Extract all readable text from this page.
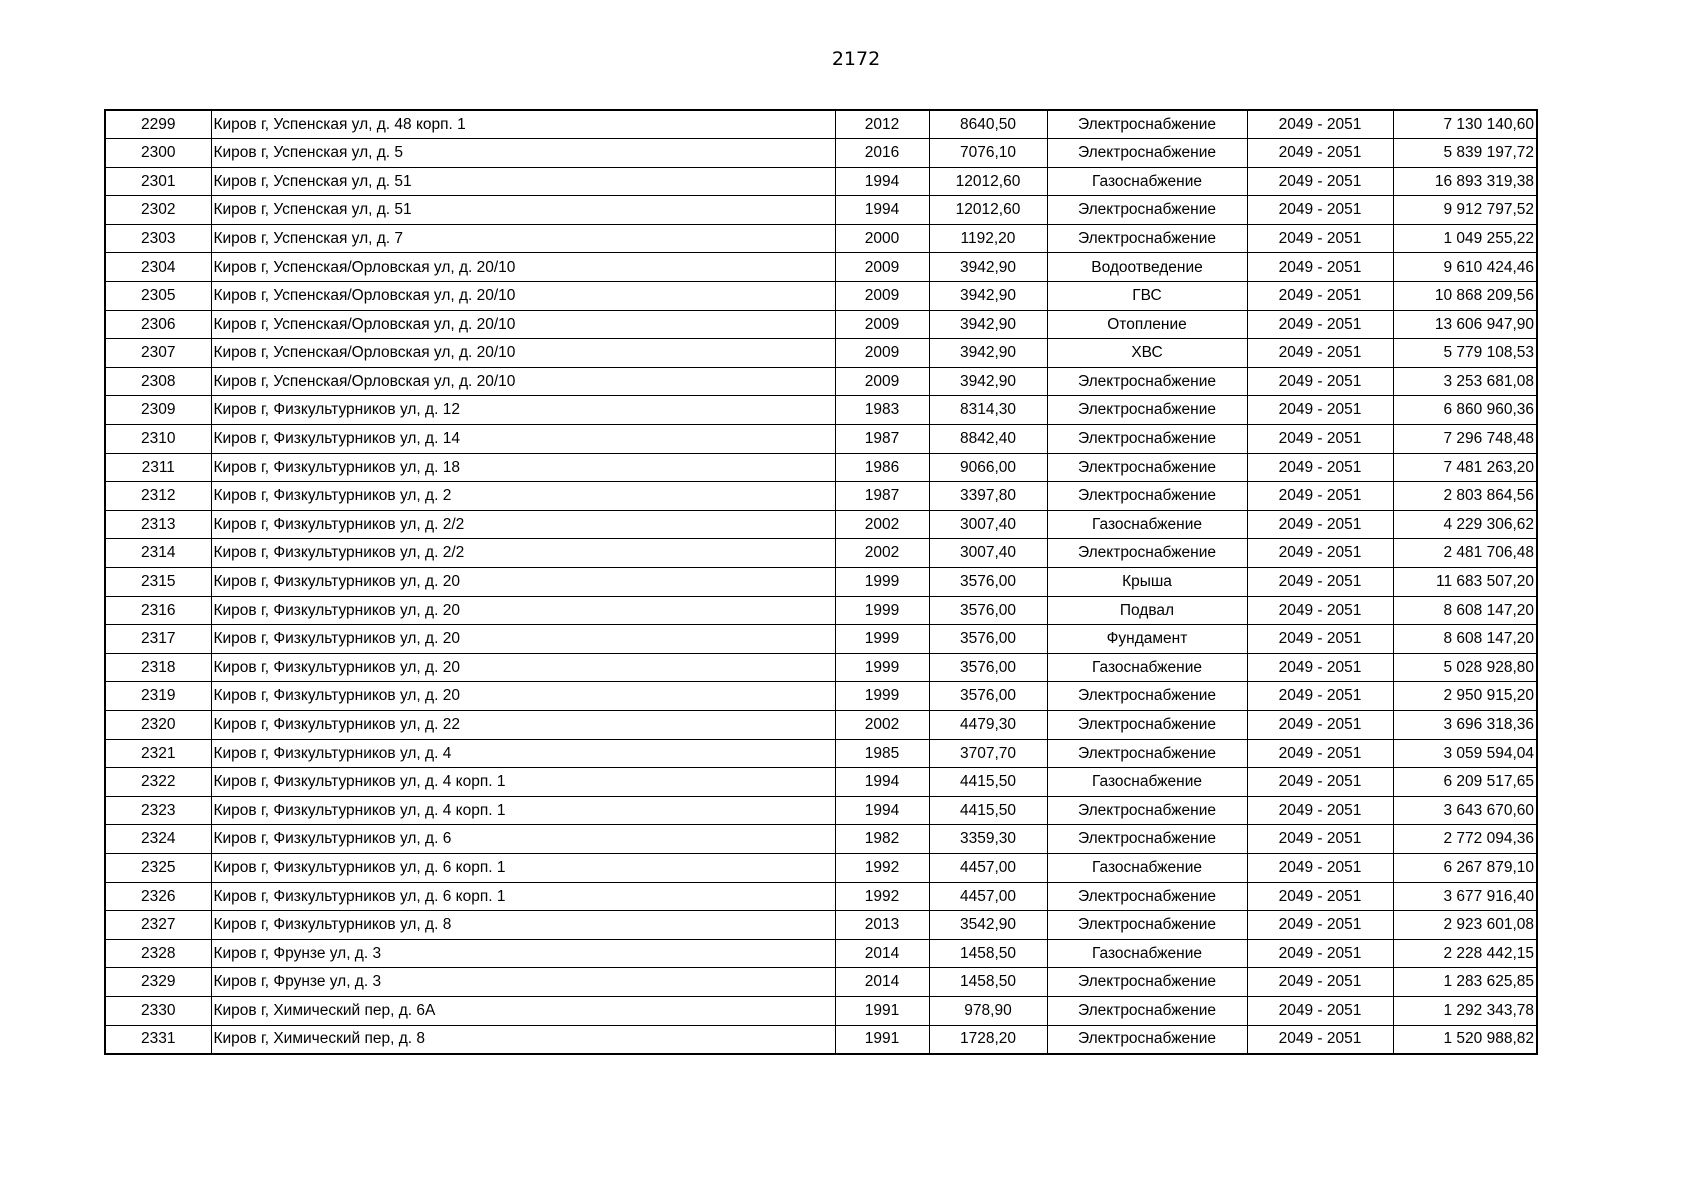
2172
2299	Киров г, Успенская ул, д. 48 корп. 1	2012	8640,50	Электроснабжение	2049 - 2051	7 130 140,60
2300	Киров г, Успенская ул, д. 5	2016	7076,10	Электроснабжение	2049 - 2051	5 839 197,72
2301	Киров г, Успенская ул, д. 51	1994	12012,60	Газоснабжение	2049 - 2051	16 893 319,38
2302	Киров г, Успенская ул, д. 51	1994	12012,60	Электроснабжение	2049 - 2051	9 912 797,52
2303	Киров г, Успенская ул, д. 7	2000	1192,20	Электроснабжение	2049 - 2051	1 049 255,22
2304	Киров г, Успенская/Орловская ул, д. 20/10	2009	3942,90	Водоотведение	2049 - 2051	9 610 424,46
2305	Киров г, Успенская/Орловская ул, д. 20/10	2009	3942,90	ГВС	2049 - 2051	10 868 209,56
2306	Киров г, Успенская/Орловская ул, д. 20/10	2009	3942,90	Отопление	2049 - 2051	13 606 947,90
2307	Киров г, Успенская/Орловская ул, д. 20/10	2009	3942,90	ХВС	2049 - 2051	5 779 108,53
2308	Киров г, Успенская/Орловская ул, д. 20/10	2009	3942,90	Электроснабжение	2049 - 2051	3 253 681,08
2309	Киров г, Физкультурников ул, д. 12	1983	8314,30	Электроснабжение	2049 - 2051	6 860 960,36
2310	Киров г, Физкультурников ул, д. 14	1987	8842,40	Электроснабжение	2049 - 2051	7 296 748,48
2311	Киров г, Физкультурников ул, д. 18	1986	9066,00	Электроснабжение	2049 - 2051	7 481 263,20
2312	Киров г, Физкультурников ул, д. 2	1987	3397,80	Электроснабжение	2049 - 2051	2 803 864,56
2313	Киров г, Физкультурников ул, д. 2/2	2002	3007,40	Газоснабжение	2049 - 2051	4 229 306,62
2314	Киров г, Физкультурников ул, д. 2/2	2002	3007,40	Электроснабжение	2049 - 2051	2 481 706,48
2315	Киров г, Физкультурников ул, д. 20	1999	3576,00	Крыша	2049 - 2051	11 683 507,20
2316	Киров г, Физкультурников ул, д. 20	1999	3576,00	Подвал	2049 - 2051	8 608 147,20
2317	Киров г, Физкультурников ул, д. 20	1999	3576,00	Фундамент	2049 - 2051	8 608 147,20
2318	Киров г, Физкультурников ул, д. 20	1999	3576,00	Газоснабжение	2049 - 2051	5 028 928,80
2319	Киров г, Физкультурников ул, д. 20	1999	3576,00	Электроснабжение	2049 - 2051	2 950 915,20
2320	Киров г, Физкультурников ул, д. 22	2002	4479,30	Электроснабжение	2049 - 2051	3 696 318,36
2321	Киров г, Физкультурников ул, д. 4	1985	3707,70	Электроснабжение	2049 - 2051	3 059 594,04
2322	Киров г, Физкультурников ул, д. 4 корп. 1	1994	4415,50	Газоснабжение	2049 - 2051	6 209 517,65
2323	Киров г, Физкультурников ул, д. 4 корп. 1	1994	4415,50	Электроснабжение	2049 - 2051	3 643 670,60
2324	Киров г, Физкультурников ул, д. 6	1982	3359,30	Электроснабжение	2049 - 2051	2 772 094,36
2325	Киров г, Физкультурников ул, д. 6 корп. 1	1992	4457,00	Газоснабжение	2049 - 2051	6 267 879,10
2326	Киров г, Физкультурников ул, д. 6 корп. 1	1992	4457,00	Электроснабжение	2049 - 2051	3 677 916,40
2327	Киров г, Физкультурников ул, д. 8	2013	3542,90	Электроснабжение	2049 - 2051	2 923 601,08
2328	Киров г, Фрунзе ул, д. 3	2014	1458,50	Газоснабжение	2049 - 2051	2 228 442,15
2329	Киров г, Фрунзе ул, д. 3	2014	1458,50	Электроснабжение	2049 - 2051	1 283 625,85
2330	Киров г, Химический пер, д. 6А	1991	978,90	Электроснабжение	2049 - 2051	1 292 343,78
2331	Киров г, Химический пер, д. 8	1991	1728,20	Электроснабжение	2049 - 2051	1 520 988,82
